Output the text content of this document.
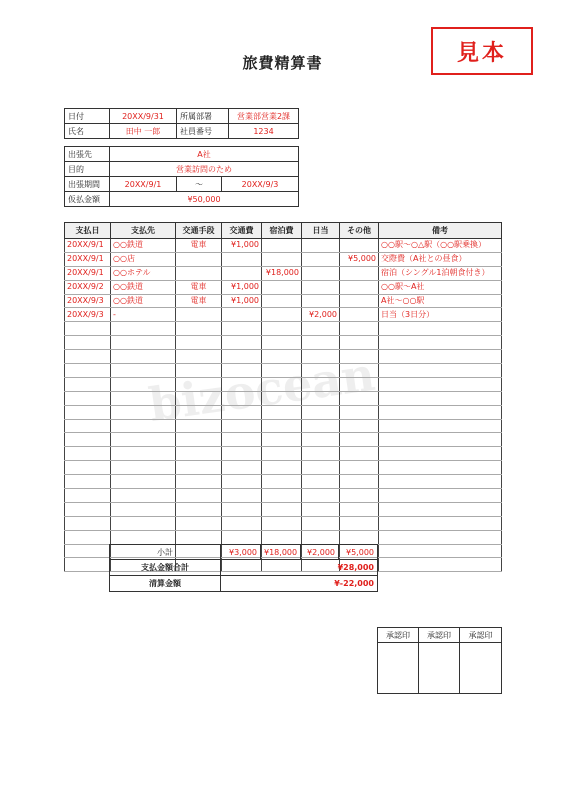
見本
旅費精算書
bizocean
日付	20XX/9/31	所属部署	営業部営業2課
氏名	田中 一郎	社員番号	1234
出張先	A社		
目的	営業訪問のため		
出張期間	20XX/9/1	〜	20XX/9/3
仮払金額	¥50,000		
支払日	支払先	交通手段	交通費	宿泊費	日当	その他	備考
20XX/9/1	○○鉄道	電車	¥1,000				○○駅〜○△駅（○○駅乗換）
20XX/9/1	○○店					¥5,000	交際費（A社との昼食）
20XX/9/1	○○ホテル			¥18,000			宿泊（シングル1泊朝食付き）
20XX/9/2	○○鉄道	電車	¥1,000				○○駅〜A社
20XX/9/3	○○鉄道	電車	¥1,000				A社〜○○駅
20XX/9/3	-				¥2,000		日当（3日分）

小計	¥3,000	¥18,000	¥2,000	¥5,000
支払金額合計	¥28,000			
清算金額	¥-22,000			
承認印	承認印	承認印
